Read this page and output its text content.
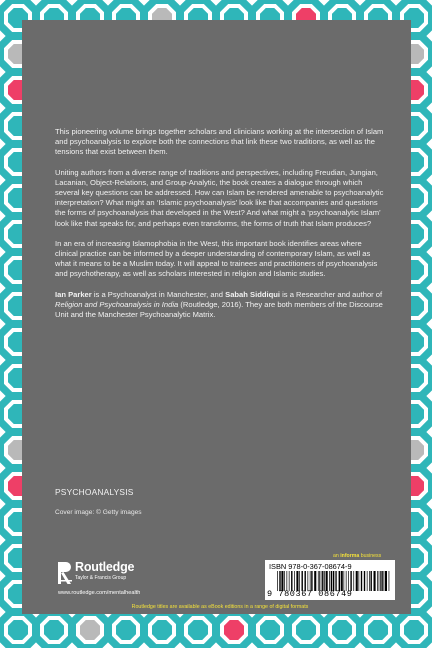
This pioneering volume brings together scholars and clinicians working at the intersection of Islam and psychoanalysis to explore both the connections that link these two traditions, as well as the tensions that exist between them.

Uniting authors from a diverse range of traditions and perspectives, including Freudian, Jungian, Lacanian, Object-Relations, and Group-Analytic, the book creates a dialogue through which several key questions can be addressed. How can Islam be rendered amenable to psychoanalytic interpretation? What might an ‘Islamic psychoanalysis’ look like that accompanies and questions the forms of psychoanalysis that developed in the West? And what might a ‘psychoanalytic Islam’ look like that speaks for, and perhaps even transforms, the forms of truth that Islam produces?

In an era of increasing Islamophobia in the West, this important book identifies areas where clinical practice can be informed by a deeper understanding of contemporary Islam, as well as what it means to be a Muslim today. It will appeal to trainees and practitioners of psychoanalysis and psychotherapy, as well as scholars interested in religion and Islamic studies.

Ian Parker is a Psychoanalyst in Manchester, and Sabah Siddiqui is a Researcher and author of Religion and Psychoanalysis in India (Routledge, 2016). They are both members of the Discourse Unit and the Manchester Psychoanalytic Matrix.

PSYCHOANALYSIS
Cover image: © Getty images
Routledge
Taylor & Francis Group
www.routledge.com/mentalhealth
an informa business
ISBN 978-0-367-08674-9
9 780367 086749
Routledge titles are available as eBook editions in a range of digital formats
